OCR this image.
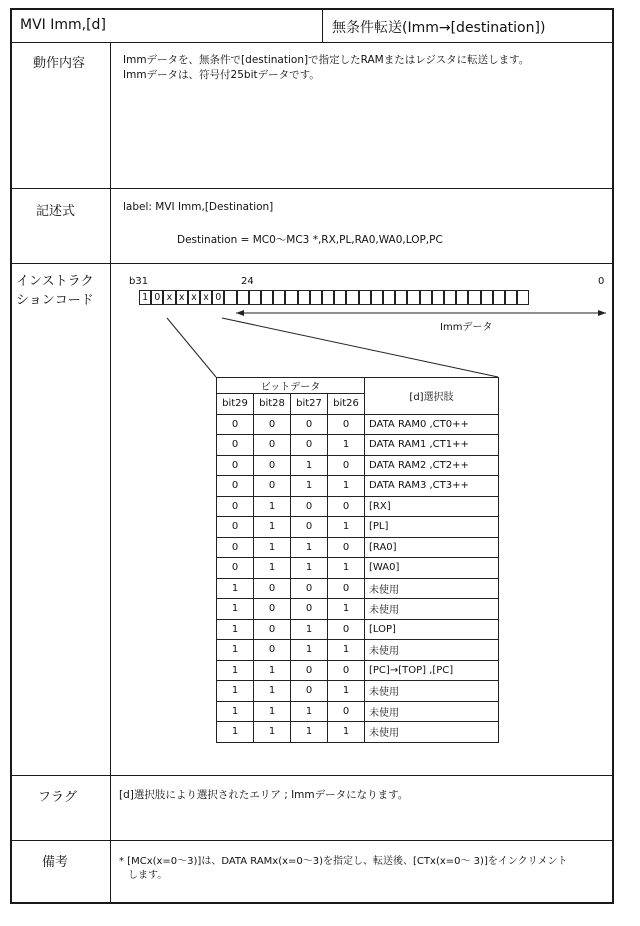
MVI Imm,[d]	無条件転送(Imm→[destination])
動作内容	Immデータを、無条件で[destination]で指定したRAMまたはレジスタに転送します。
Immデータは、符号付25bitデータです。
記述式	label: MVI Imm,[Destination]
Destination = MC0〜MC3 *,RX,PL,RA0,WA0,LOP,PC
インストラク
ションコード
b31	24	0
1 0 x x x x 0
Immデータ
ビットデータ				[d]選択肢
bit29	bit28	bit27	bit26	
0	0	0	0	DATA RAM0 ,CT0++
0	0	0	1	DATA RAM1 ,CT1++
0	0	1	0	DATA RAM2 ,CT2++
0	0	1	1	DATA RAM3 ,CT3++
0	1	0	0	[RX]
0	1	0	1	[PL]
0	1	1	0	[RA0]
0	1	1	1	[WA0]
1	0	0	0	未使用
1	0	0	1	未使用
1	0	1	0	[LOP]
1	0	1	1	未使用
1	1	0	0	[PC]→[TOP] ,[PC]
1	1	0	1	未使用
1	1	1	0	未使用
1	1	1	1	未使用
フラグ	[d]選択肢により選択されたエリア ; Immデータになります。
備考	* [MCx(x=0〜3)]は、DATA RAMx(x=0〜3)を指定し、転送後、[CTx(x=0〜 3)]をインクリメント
します。
